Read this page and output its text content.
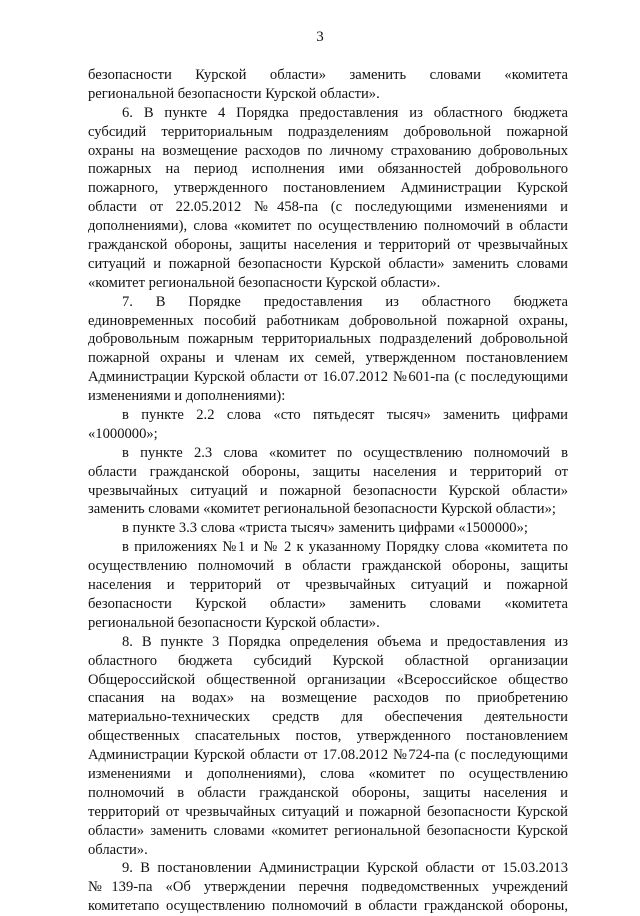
3
безопасности Курской области» заменить словами «комитета
региональной безопасности Курской области».
6. В пункте 4 Порядка предоставления из областного бюджета
субсидий территориальным подразделениям добровольной пожарной
охраны на возмещение расходов по личному страхованию добровольных
пожарных на период исполнения ими обязанностей добровольного
пожарного, утвержденного постановлением Администрации Курской
области от 22.05.2012 №458-па (с последующими изменениями и
дополнениями), слова «комитет по осуществлению полномочий в области
гражданской обороны, защиты населения и территорий от чрезвычайных
ситуаций и пожарной безопасности Курской области» заменить словами
«комитет региональной безопасности Курской области».
7. В Порядке предоставления из областного бюджета
единовременных пособий работникам добровольной пожарной охраны,
добровольным пожарным территориальных подразделений добровольной
пожарной охраны и членам их семей, утвержденном постановлением
Администрации Курской области от 16.07.2012 №601-па (с последующими
изменениями и дополнениями):
в пункте 2.2 слова «сто пятьдесят тысяч» заменить цифрами
«1000000»;
в пункте 2.3 слова «комитет по осуществлению полномочий в
области гражданской обороны, защиты населения и территорий от
чрезвычайных ситуаций и пожарной безопасности Курской области»
заменить словами «комитет региональной безопасности Курской области»;
в пункте 3.3 слова «триста тысяч» заменить цифрами «1500000»;
в приложениях №1 и № 2 к указанному Порядку слова «комитета по
осуществлению полномочий в области гражданской обороны, защиты
населения и территорий от чрезвычайных ситуаций и пожарной
безопасности Курской области» заменить словами «комитета
региональной безопасности Курской области».
8. В пункте 3 Порядка определения объема и предоставления из
областного бюджета субсидий Курской областной организации
Общероссийской общественной организации «Всероссийское общество
спасания на водах» на возмещение расходов по приобретению
материально-технических средств для обеспечения деятельности
общественных спасательных постов, утвержденного постановлением
Администрации Курской области от 17.08.2012 №724-па (с последующими
изменениями и дополнениями), слова «комитет по осуществлению
полномочий в области гражданской обороны, защиты населения и
территорий от чрезвычайных ситуаций и пожарной безопасности Курской
области» заменить словами «комитет региональной безопасности Курской
области».
9. В постановлении Администрации Курской области от 15.03.2013
№139-па «Об утверждении перечня подведомственных учреждений
комитетапо осуществлению полномочий в области гражданской обороны,
